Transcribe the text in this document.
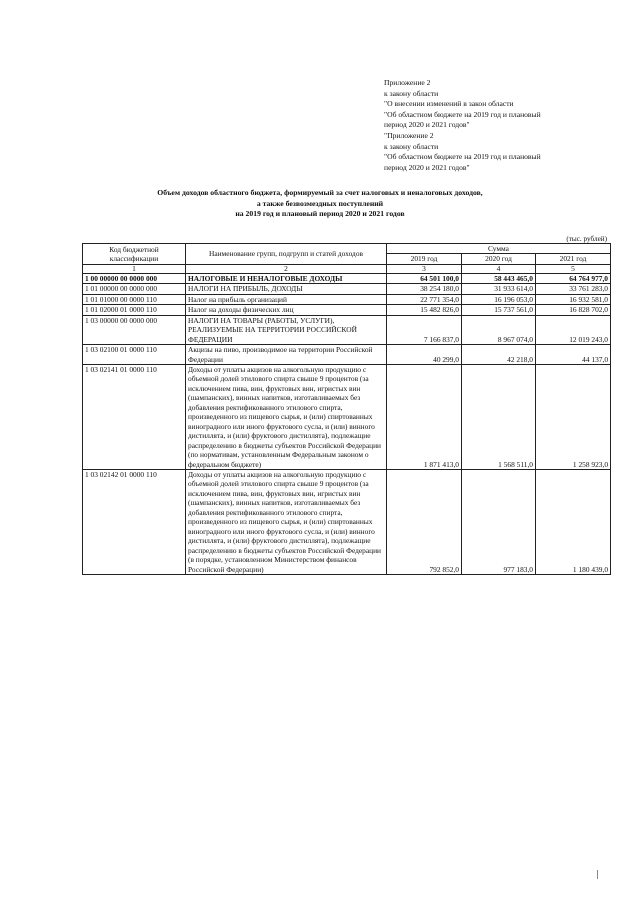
Приложение 2
к закону области
"О внесении изменений в закон области
"Об областном бюджете на 2019 год и плановый
период 2020 и 2021 годов"
"Приложение 2
к закону области
"Об областном бюджете на 2019 год и плановый
период 2020 и 2021 годов"
Объем доходов областного бюджета, формируемый за счет налоговых и неналоговых доходов,
а также безвозмездных поступлений
на 2019 год и плановый период 2020 и 2021 годов
(тыс. рублей)
Код бюджетной классификации	Наименование групп, подгрупп и статей доходов	Сумма		
		2019 год	2020 год	2021 год
1	2	3	4	5
1 00 00000 00 0000 000	НАЛОГОВЫЕ И НЕНАЛОГОВЫЕ ДОХОДЫ	64 501 100,0	58 443 465,0	64 764 977,0
1 01 00000 00 0000 000	НАЛОГИ НА ПРИБЫЛЬ, ДОХОДЫ	38 254 180,0	31 933 614,0	33 761 283,0
1 01 01000 00 0000 110	Налог на прибыль организаций	22 771 354,0	16 196 053,0	16 932 581,0
1 01 02000 01 0000 110	Налог на доходы физических лиц	15 482 826,0	15 737 561,0	16 828 702,0
1 03 00000 00 0000 000	НАЛОГИ НА ТОВАРЫ (РАБОТЫ, УСЛУГИ), РЕАЛИЗУЕМЫЕ НА ТЕРРИТОРИИ РОССИЙСКОЙ ФЕДЕРАЦИИ	7 166 837,0	8 967 074,0	12 019 243,0
1 03 02100 01 0000 110	Акцизы на пиво, производимое на территории Российской Федерации	40 299,0	42 218,0	44 137,0
1 03 02141 01 0000 110	Доходы от уплаты акцизов на алкогольную продукцию с объемной долей этилового спирта свыше 9 процентов (за исключением пива, вин, фруктовых вин, игристых вин (шампанских), винных напитков, изготавливаемых без добавления ректификованного этилового спирта, произведенного из пищевого сырья, и (или) спиртованных виноградного или иного фруктового сусла, и (или) винного дистиллята, и (или) фруктового дистиллята), подлежащие распределению в бюджеты субъектов Российской Федерации (по нормативам, установленным Федеральным законом о федеральном бюджете)	1 871 413,0	1 568 511,0	1 258 923,0
1 03 02142 01 0000 110	Доходы от уплаты акцизов на алкогольную продукцию с объемной долей этилового спирта свыше 9 процентов (за исключением пива, вин, фруктовых вин, игристых вин (шампанских), винных напитков, изготавливаемых без добавления ректификованного этилового спирта, произведенного из пищевого сырья, и (или) спиртованных виноградного или иного фруктового сусла, и (или) винного дистиллята, и (или) фруктового дистиллята), подлежащие распределению в бюджеты субъектов Российской Федерации (в порядке, установленном Министерством финансов Российской Федерации)	792 852,0	977 183,0	1 180 439,0
